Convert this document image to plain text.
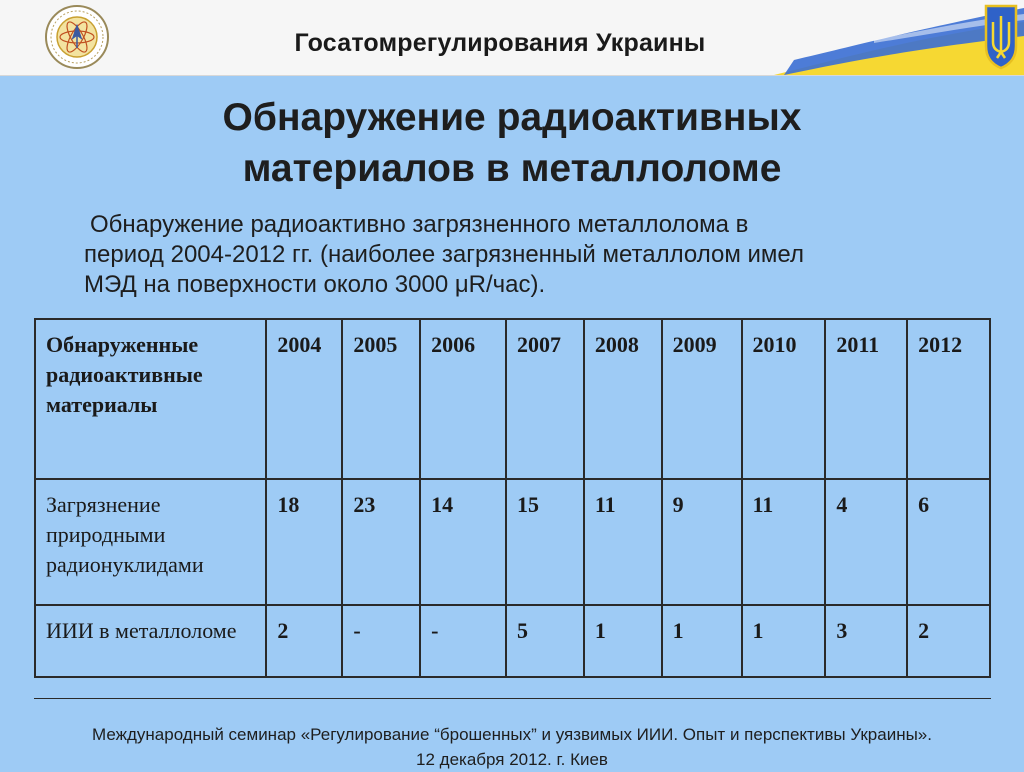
Госатомрегулирования Украины
Обнаружение радиоактивных
материалов в металлоломе
Обнаружение радиоактивно загрязненного металлолома в
период 2004-2012 гг. (наиболее загрязненный металлолом имел
МЭД на поверхности около 3000 μR/час).
Обнаруженные радиоактивные материалы	2004	2005	2006	2007	2008	2009	2010	2011	2012
Загрязнение природными радионуклидами	18	23	14	15	11	9	11	4	6
ИИИ в металлоломе	2	-	-	5	1	1	1	3	2
Международный семинар «Регулирование “брошенных” и уязвимых ИИИ. Опыт и перспективы Украины».
12 декабря 2012. г. Киев
